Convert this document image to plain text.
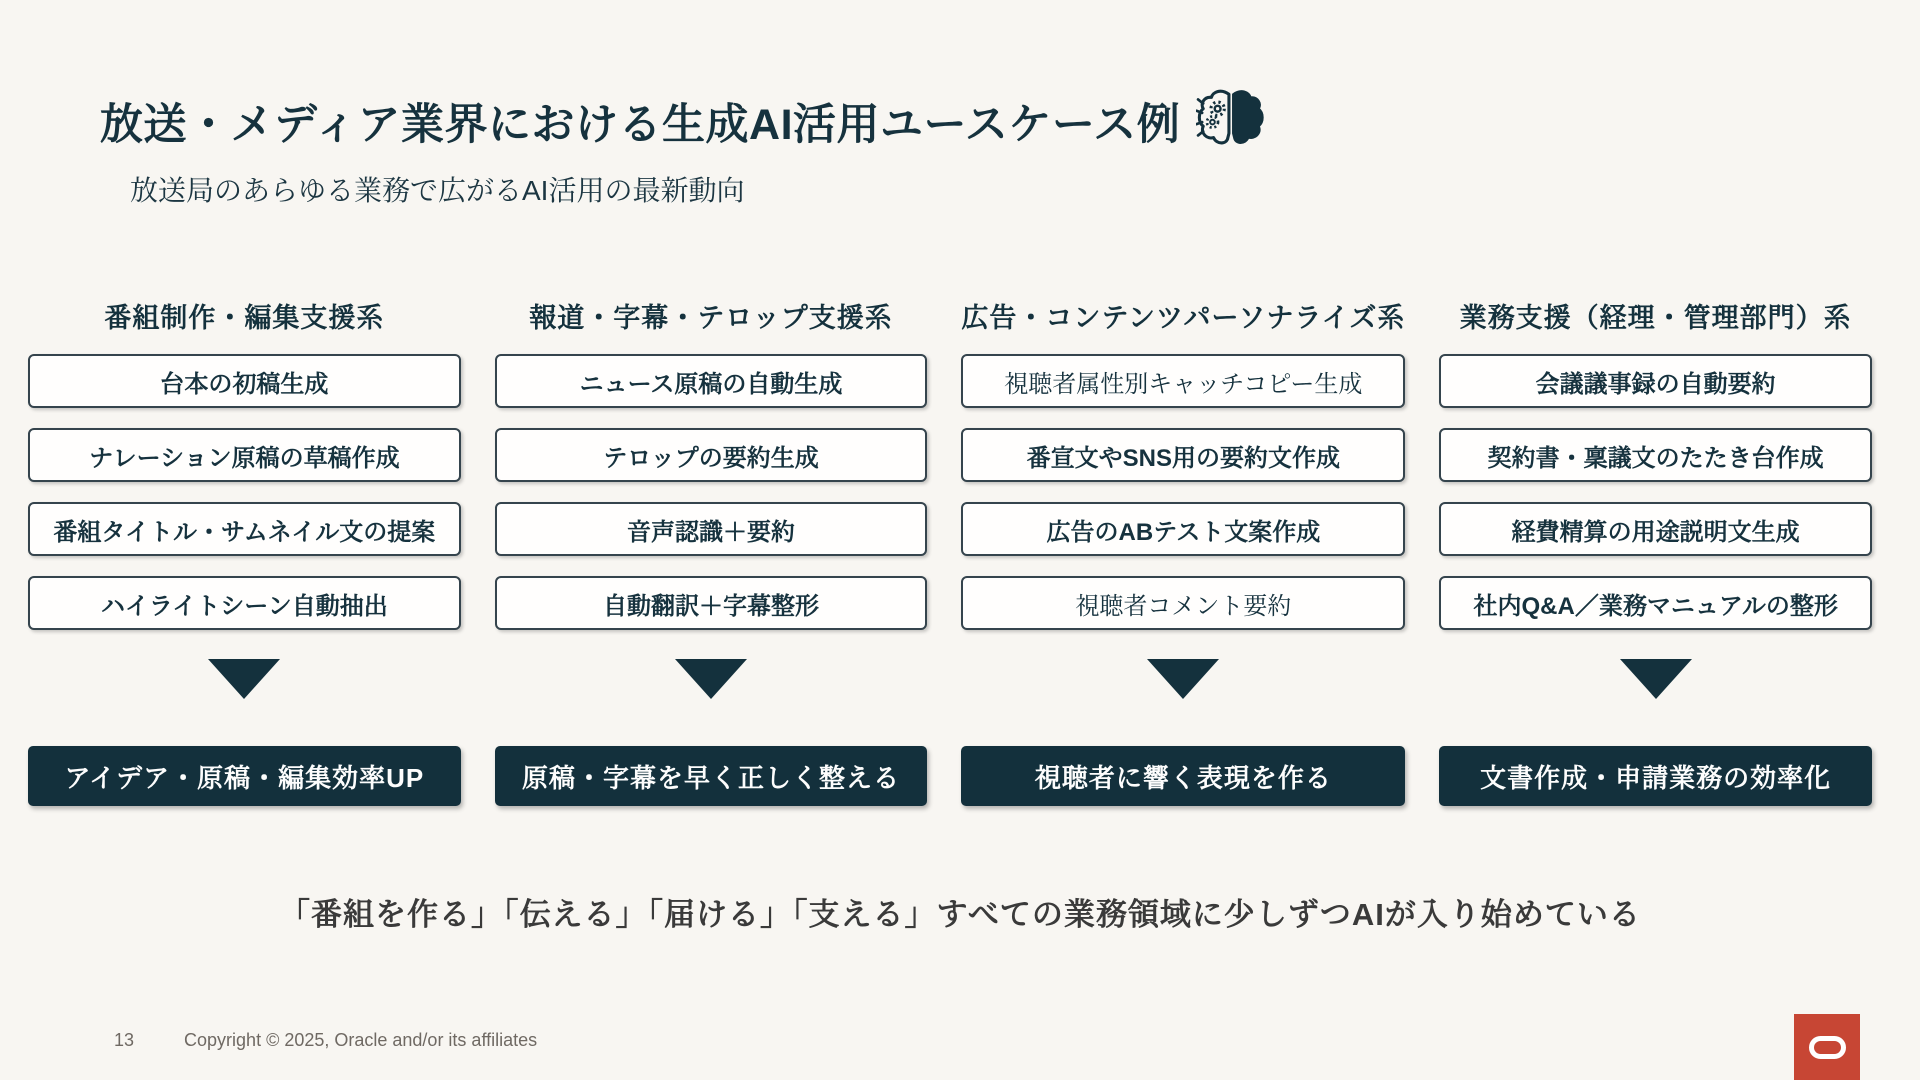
放送・メディア業界における生成AI活用ユースケース例

放送局のあらゆる業務で広がるAI活用の最新動向

番組制作・編集支援系
台本の初稿生成
ナレーション原稿の草稿作成
番組タイトル・サムネイル文の提案
ハイライトシーン自動抽出
アイデア・原稿・編集効率UP
報道・字幕・テロップ支援系
ニュース原稿の自動生成
テロップの要約生成
音声認識＋要約
自動翻訳＋字幕整形
原稿・字幕を早く正しく整える
広告・コンテンツパーソナライズ系
視聴者属性別キャッチコピー生成
番宣文やSNS用の要約文作成
広告のABテスト文案作成
視聴者コメント要約
視聴者に響く表現を作る
業務支援（経理・管理部門）系
会議議事録の自動要約
契約書・稟議文のたたき台作成
経費精算の用途説明文生成
社内Q&A／業務マニュアルの整形
文書作成・申請業務の効率化

「番組を作る」「伝える」「届ける」「支える」すべての業務領域に少しずつAIが入り始めている

13	Copyright © 2025, Oracle and/or its affiliates
